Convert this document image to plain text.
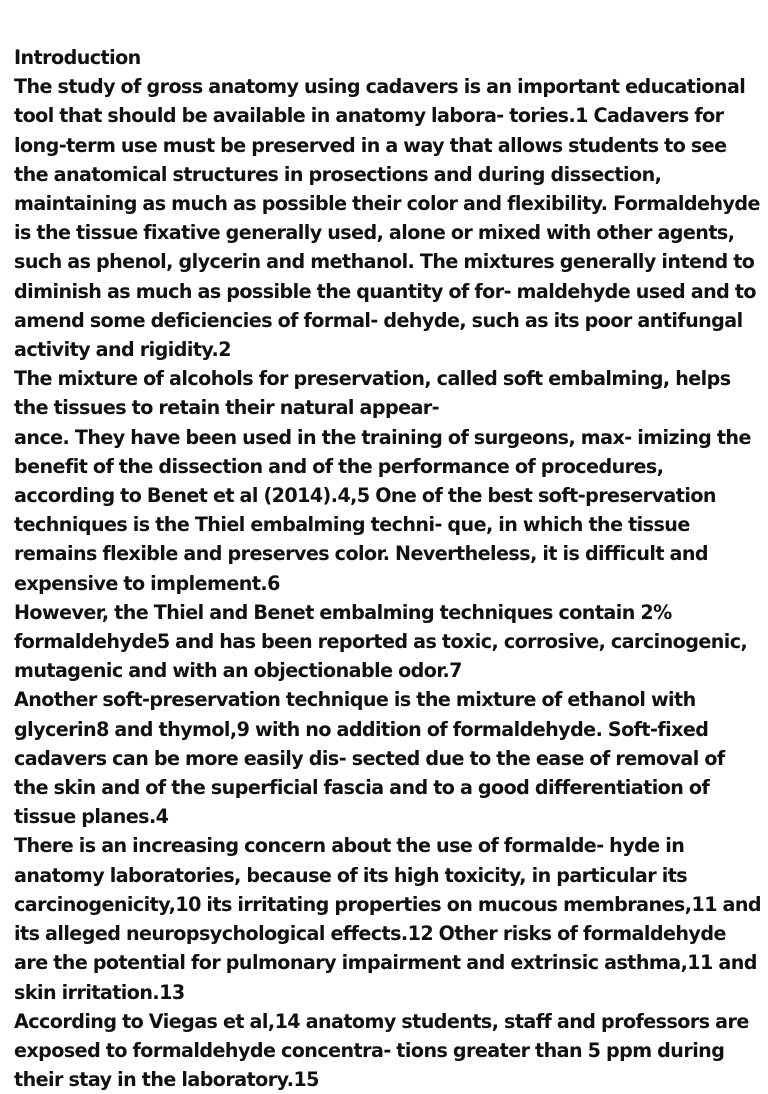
Introduction

The study of gross anatomy using cadavers is an important educational tool that should be available in anatomy labora- tories.1 Cadavers for long-term use must be preserved in a way that allows students to see the anatomical structures in prosections and during dissection, maintaining as much as possible their color and flexibility. Formaldehyde is the tissue fixative generally used, alone or mixed with other agents, such as phenol, glycerin and methanol. The mixtures generally intend to diminish as much as possible the quantity of for- maldehyde used and to amend some deficiencies of formal- dehyde, such as its poor antifungal activity and rigidity.2

The mixture of alcohols for preservation, called soft embalming, helps the tissues to retain their natural appear-

ance. They have been used in the training of surgeons, max- imizing the benefit of the dissection and of the performance of procedures, according to Benet et al (2014).4,5 One of the best soft-preservation techniques is the Thiel embalming techni- que, in which the tissue remains flexible and preserves color. Nevertheless, it is difficult and expensive to implement.6

However, the Thiel and Benet embalming techniques contain 2% formaldehyde5 and has been reported as toxic, corrosive, carcinogenic, mutagenic and with an objectionable odor.7

Another soft-preservation technique is the mixture of ethanol with glycerin8 and thymol,9 with no addition of formaldehyde. Soft-fixed cadavers can be more easily dis- sected due to the ease of removal of the skin and of the superficial fascia and to a good differentiation of tissue planes.4

There is an increasing concern about the use of formalde- hyde in anatomy laboratories, because of its high toxicity, in particular its carcinogenicity,10 its irritating properties on mucous membranes,11 and its alleged neuropsychological effects.12 Other risks of formaldehyde are the potential for pulmonary impairment and extrinsic asthma,11 and skin irritation.13

According to Viegas et al,14 anatomy students, staff and professors are exposed to formaldehyde concentra- tions greater than 5 ppm during their stay in the laboratory.15
